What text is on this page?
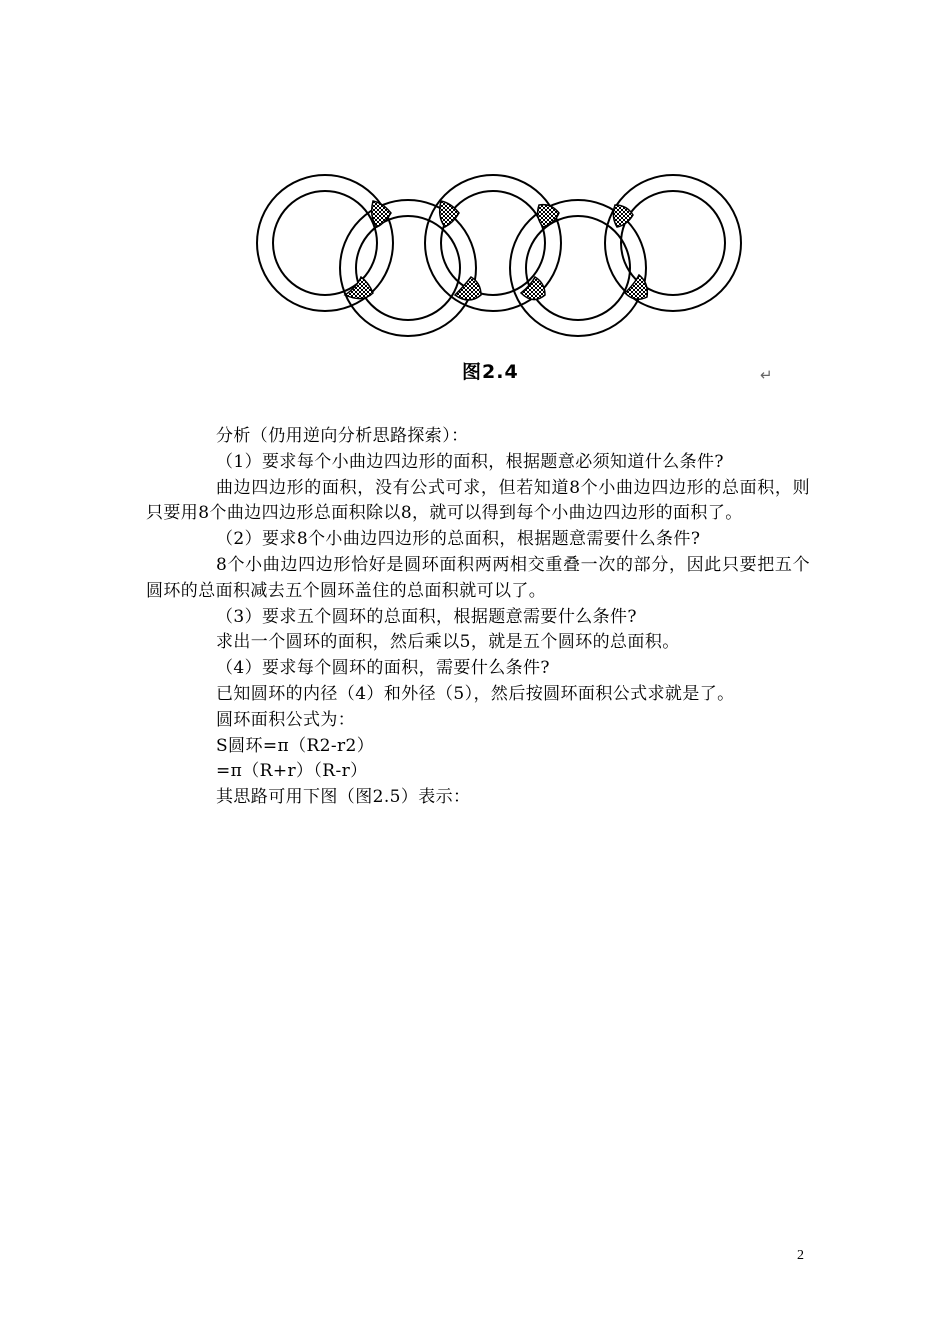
图2.4	↵

分析（仍用逆向分析思路探索）：

（1）要求每个小曲边四边形的面积，根据题意必须知道什么条件?

曲边四边形的面积，没有公式可求，但若知道8个小曲边四边形的总面积，则只要用8个曲边四边形总面积除以8，就可以得到每个小曲边四边形的面积了。

（2）要求8个小曲边四边形的总面积，根据题意需要什么条件?

8个小曲边四边形恰好是圆环面积两两相交重叠一次的部分，因此只要把五个圆环的总面积减去五个圆环盖住的总面积就可以了。

（3）要求五个圆环的总面积，根据题意需要什么条件?

求出一个圆环的面积，然后乘以5，就是五个圆环的总面积。

（4）要求每个圆环的面积，需要什么条件?

已知圆环的内径（4）和外径（5），然后按圆环面积公式求就是了。

圆环面积公式为：

S圆环=π（R2-r2）

=π（R+r）（R-r）

其思路可用下图（图2.5）表示：

2
